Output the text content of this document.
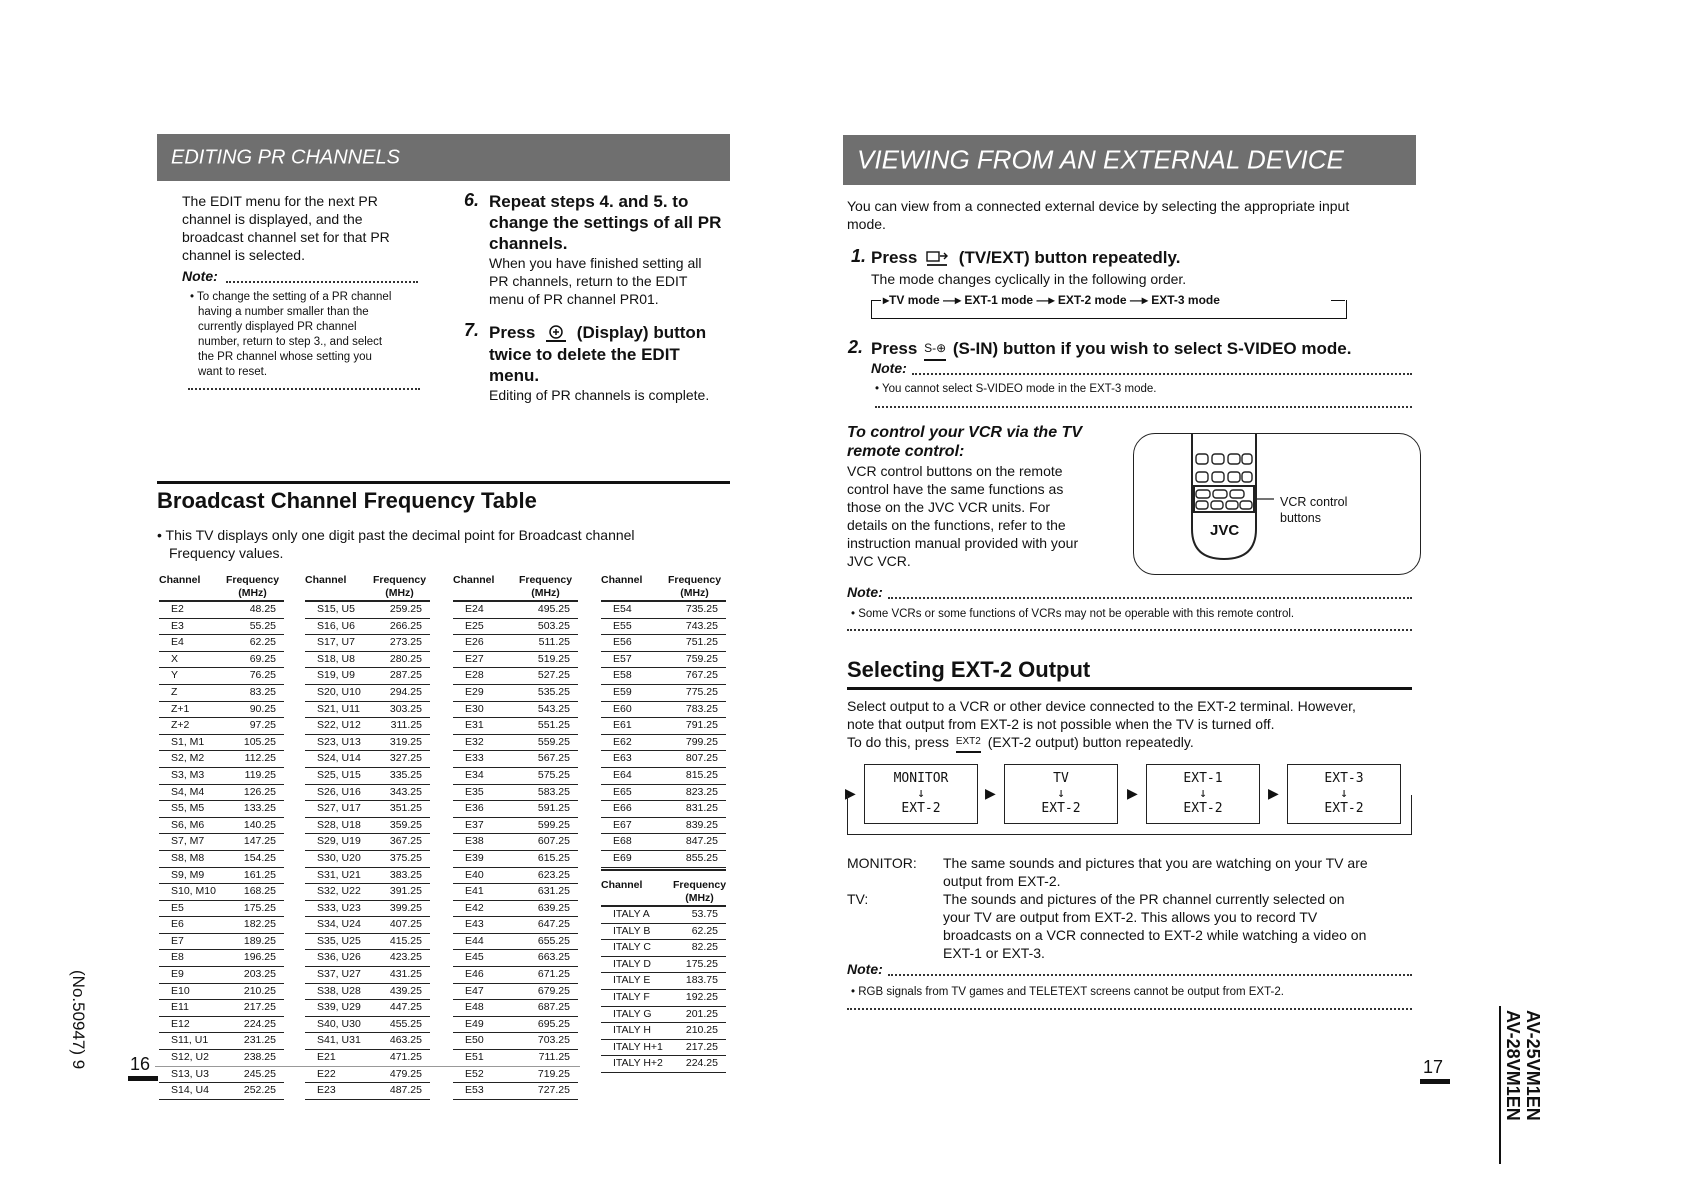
EDITING PR CHANNELS
The EDIT menu for the next PR
channel is displayed, and the
broadcast channel set for that PR
channel is selected.
Note:
• To change the setting of a PR channel
having a number smaller than the
currently displayed PR channel
number, return to step 3., and select
the PR channel whose setting you
want to reset.
6. Repeat steps 4. and 5. to
change the settings of all PR
channels.
When you have finished setting all
PR channels, return to the EDIT
menu of PR channel PR01.
7. Press (Display) button
twice to delete the EDIT
menu.
Editing of PR channels is complete.
Broadcast Channel Frequency Table
• This TV displays only one digit past the decimal point for Broadcast channel
Frequency values.
Channel	Frequency
(MHz)
E2	48.25
E3	55.25
E4	62.25
X	69.25
Y	76.25
Z	83.25
Z+1	90.25
Z+2	97.25
S1, M1	105.25
S2, M2	112.25
S3, M3	119.25
S4, M4	126.25
S5, M5	133.25
S6, M6	140.25
S7, M7	147.25
S8, M8	154.25
S9, M9	161.25
S10, M10	168.25
E5	175.25
E6	182.25
E7	189.25
E8	196.25
E9	203.25
E10	210.25
E11	217.25
E12	224.25
S11, U1	231.25
S12, U2	238.25
S13, U3	245.25
S14, U4	252.25
Channel	Frequency
(MHz)
S15, U5	259.25
S16, U6	266.25
S17, U7	273.25
S18, U8	280.25
S19, U9	287.25
S20, U10	294.25
S21, U11	303.25
S22, U12	311.25
S23, U13	319.25
S24, U14	327.25
S25, U15	335.25
S26, U16	343.25
S27, U17	351.25
S28, U18	359.25
S29, U19	367.25
S30, U20	375.25
S31, U21	383.25
S32, U22	391.25
S33, U23	399.25
S34, U24	407.25
S35, U25	415.25
S36, U26	423.25
S37, U27	431.25
S38, U28	439.25
S39, U29	447.25
S40, U30	455.25
S41, U31	463.25
E21	471.25
E22	479.25
E23	487.25
Channel	Frequency
(MHz)
E24	495.25
E25	503.25
E26	511.25
E27	519.25
E28	527.25
E29	535.25
E30	543.25
E31	551.25
E32	559.25
E33	567.25
E34	575.25
E35	583.25
E36	591.25
E37	599.25
E38	607.25
E39	615.25
E40	623.25
E41	631.25
E42	639.25
E43	647.25
E44	655.25
E45	663.25
E46	671.25
E47	679.25
E48	687.25
E49	695.25
E50	703.25
E51	711.25
E52	719.25
E53	727.25
Channel	Frequency
(MHz)
E54	735.25
E55	743.25
E56	751.25
E57	759.25
E58	767.25
E59	775.25
E60	783.25
E61	791.25
E62	799.25
E63	807.25
E64	815.25
E65	823.25
E66	831.25
E67	839.25
E68	847.25
E69	855.25
Channel	Frequency
(MHz)
ITALY A	53.75
ITALY B	62.25
ITALY C	82.25
ITALY D	175.25
ITALY E	183.75
ITALY F	192.25
ITALY G	201.25
ITALY H	210.25
ITALY H+1	217.25
ITALY H+2	224.25
16
(No.50947) 9
VIEWING FROM AN EXTERNAL DEVICE
You can view from a connected external device by selecting the appropriate input
mode.
1. Press (TV/EXT) button repeatedly.
The mode changes cyclically in the following order.
▸TV mode —▸ EXT-1 mode —▸ EXT-2 mode —▸ EXT-3 mode
2. Press S-⊕ (S-IN) button if you wish to select S-VIDEO mode.
Note:
• You cannot select S-VIDEO mode in the EXT-3 mode.
To control your VCR via the TV
remote control:
VCR control buttons on the remote
control have the same functions as
those on the JVC VCR units. For
details on the functions, refer to the
instruction manual provided with your
JVC VCR.
JVC
VCR control
buttons
Note:
• Some VCRs or some functions of VCRs may not be operable with this remote control.
Selecting EXT-2 Output
Select output to a VCR or other device connected to the EXT-2 terminal. However,
note that output from EXT-2 is not possible when the TV is turned off.
To do this, press EXT2 (EXT-2 output) button repeatedly.
MONITOR
↓
EXT-2
▶
TV
↓
EXT-2
▶
EXT-1
↓
EXT-2
▶
EXT-3
↓
EXT-2
▶
MONITOR:	The same sounds and pictures that you are watching on your TV are
output from EXT-2.
TV:	The sounds and pictures of the PR channel currently selected on
your TV are output from EXT-2. This allows you to record TV
broadcasts on a VCR connected to EXT-2 while watching a video on
EXT-1 or EXT-3.
Note:
• RGB signals from TV games and TELETEXT screens cannot be output from EXT-2.
17	AV-25VM1EN
AV-28VM1EN
